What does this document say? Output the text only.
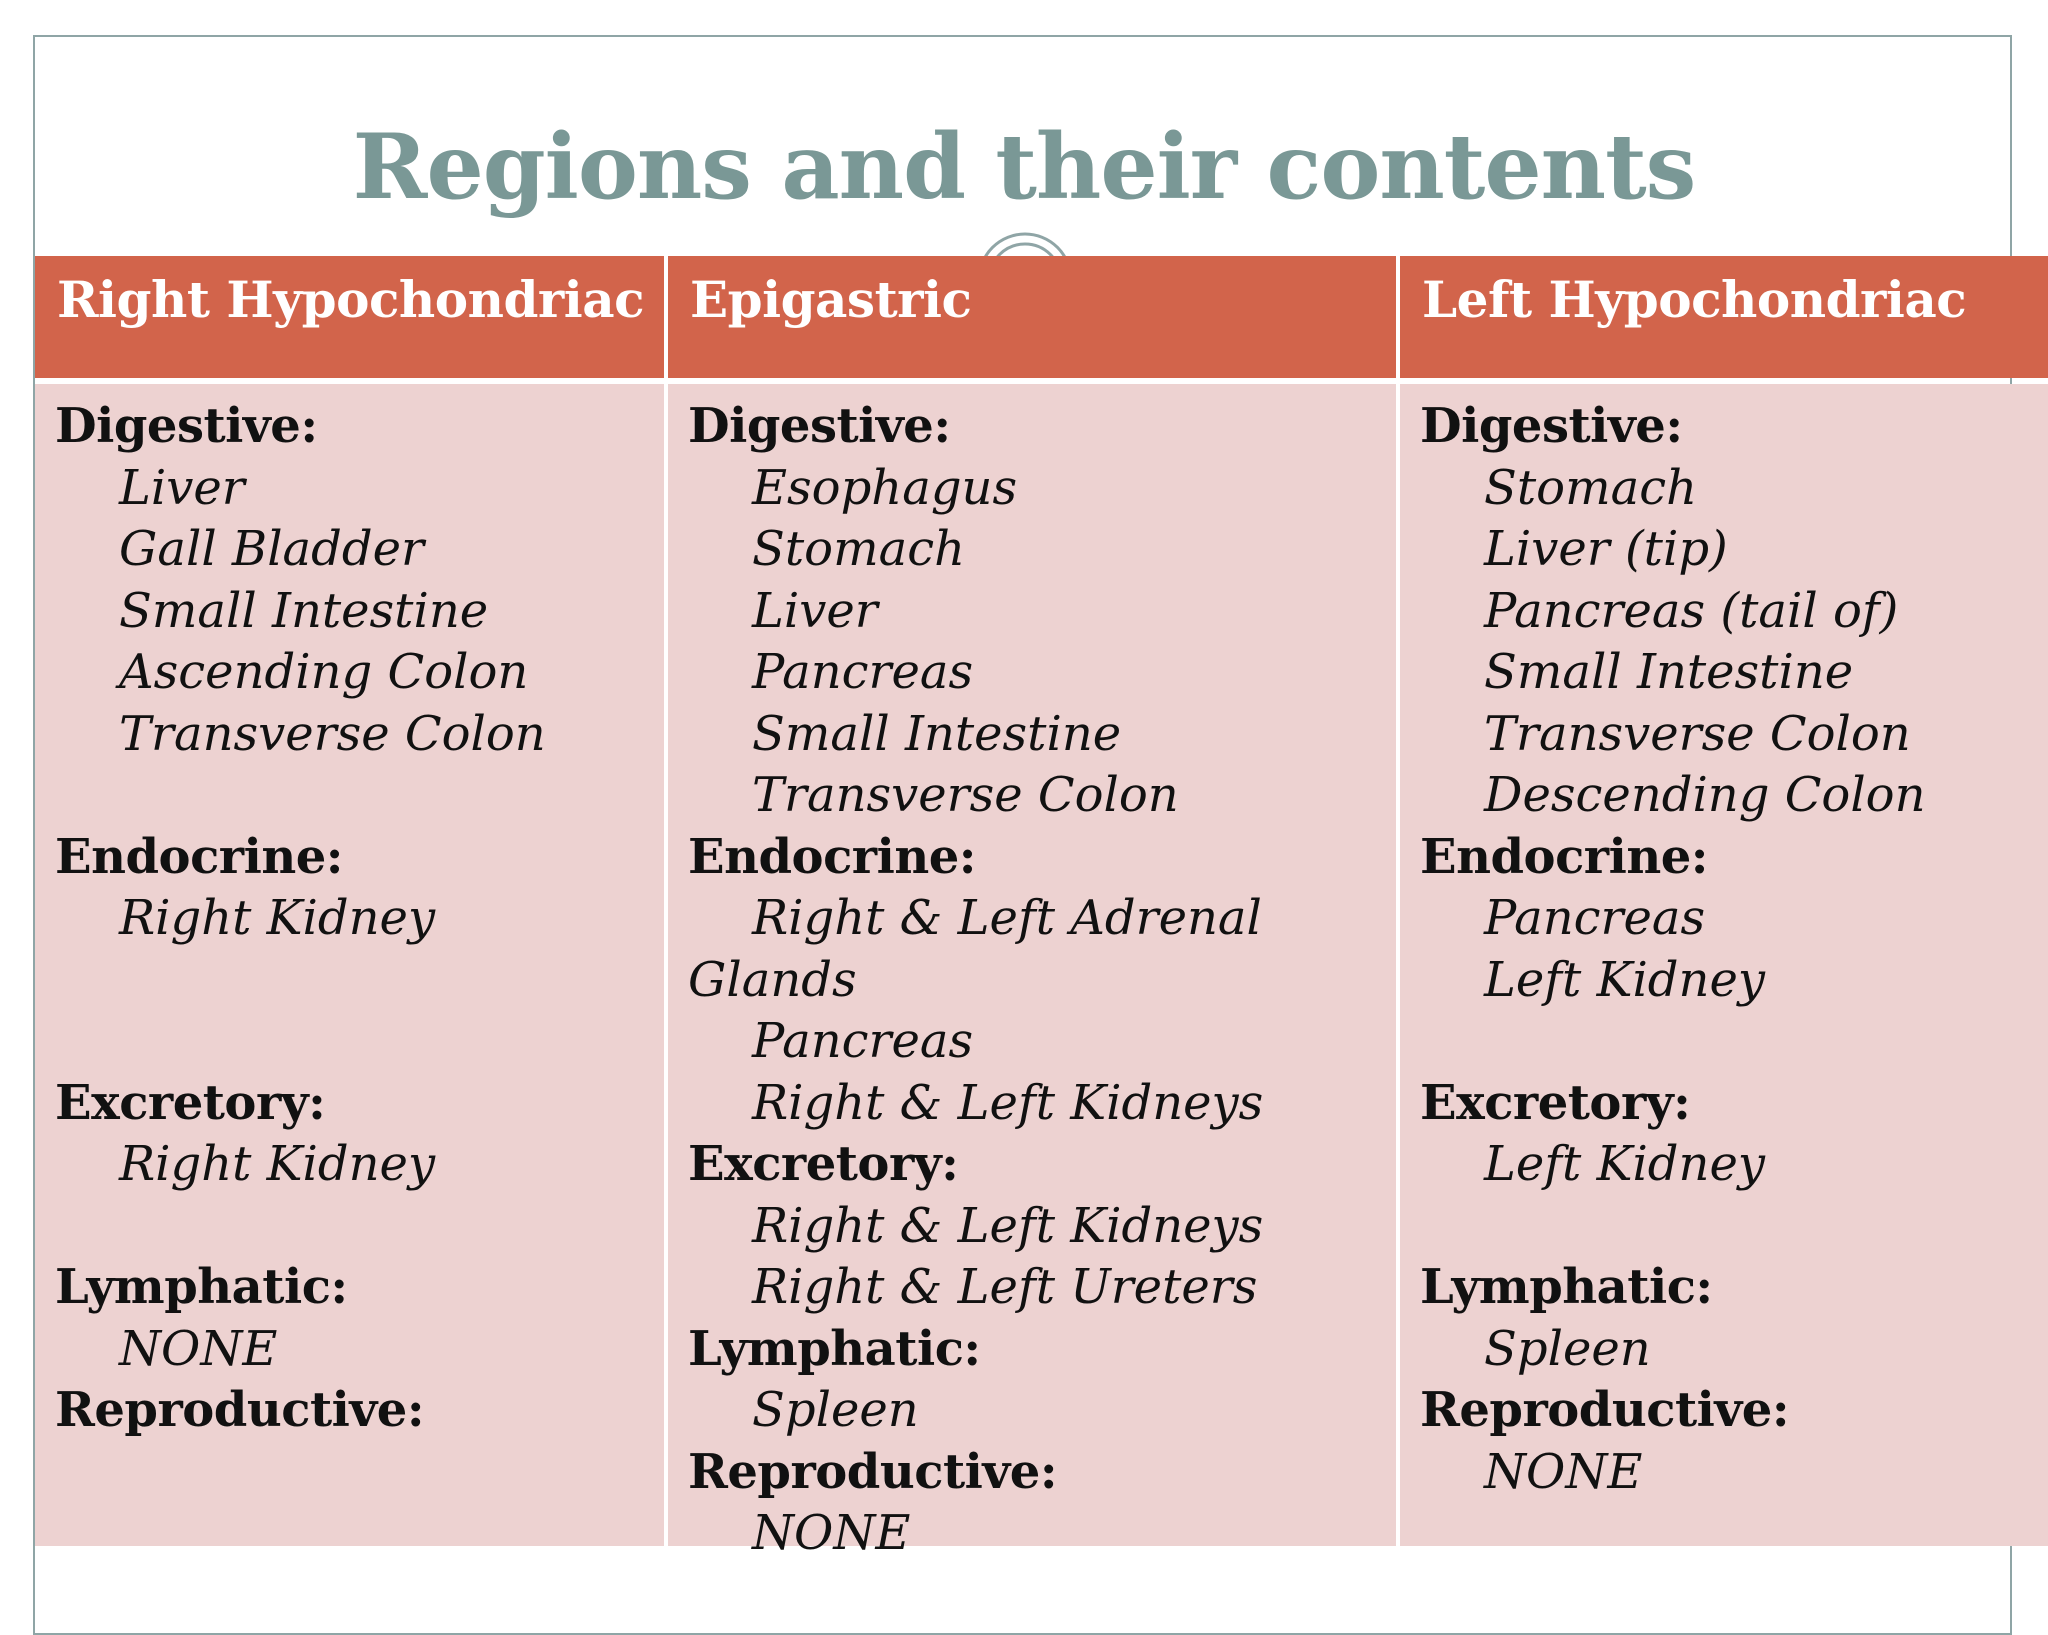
Regions and their contents
Right Hypochondriac
Digestive:
Liver
Gall Bladder
Small Intestine
Ascending Colon
Transverse Colon
Endocrine:
Right Kidney
Excretory:
Right Kidney
Lymphatic:
NONE
Reproductive:
Epigastric
Digestive:
Esophagus
Stomach
Liver
Pancreas
Small Intestine
Transverse Colon
Endocrine:
Right & Left Adrenal
Glands
Pancreas
Right & Left Kidneys
Excretory:
Right & Left Kidneys
Right & Left Ureters
Lymphatic:
Spleen
Reproductive:
NONE
Left Hypochondriac
Digestive:
Stomach
Liver (tip)
Pancreas (tail of)
Small Intestine
Transverse Colon
Descending Colon
Endocrine:
Pancreas
Left Kidney
Excretory:
Left Kidney
Lymphatic:
Spleen
Reproductive:
NONE
